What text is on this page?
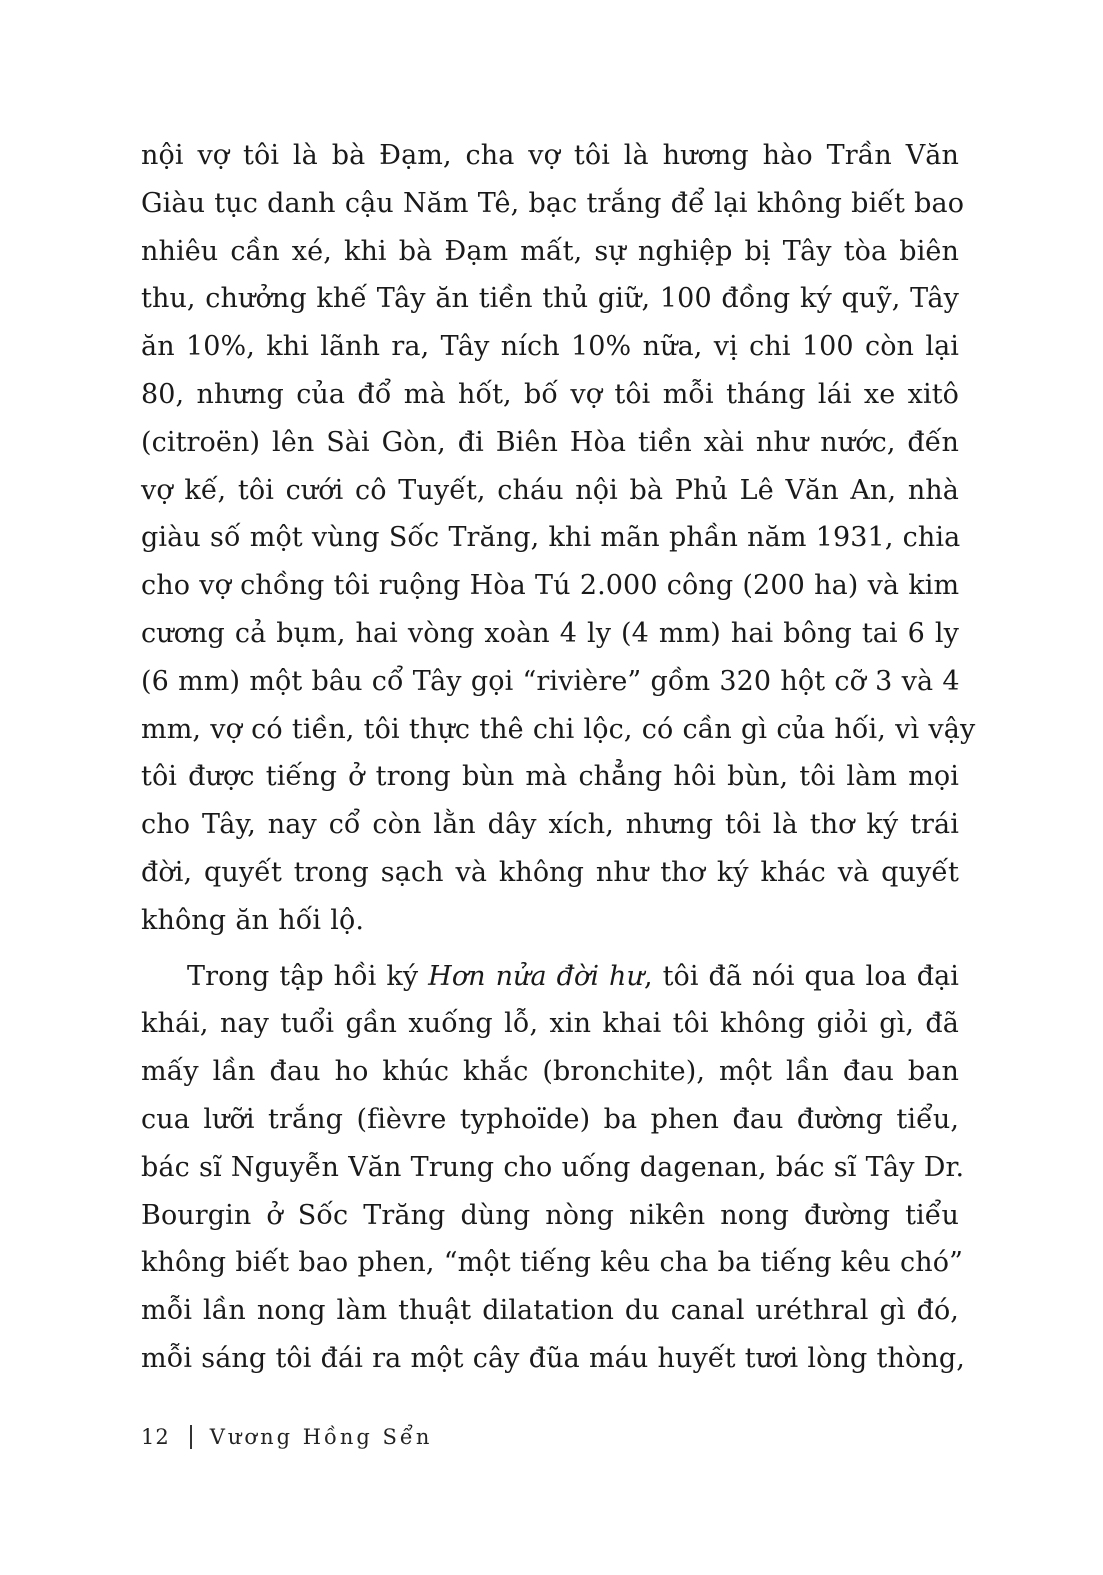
nội vợ tôi là bà Đạm, cha vợ tôi là hương hào Trần Văn
Giàu tục danh cậu Năm Tê, bạc trắng để lại không biết bao
nhiêu cần xé, khi bà Đạm mất, sự nghiệp bị Tây tòa biên
thu, chưởng khế Tây ăn tiền thủ giữ, 100 đồng ký quỹ, Tây
ăn 10%, khi lãnh ra, Tây ních 10% nữa, vị chi 100 còn lại
80, nhưng của đổ mà hốt, bố vợ tôi mỗi tháng lái xe xitô
(citroën) lên Sài Gòn, đi Biên Hòa tiền xài như nước, đến
vợ kế, tôi cưới cô Tuyết, cháu nội bà Phủ Lê Văn An, nhà
giàu số một vùng Sốc Trăng, khi mãn phần năm 1931, chia
cho vợ chồng tôi ruộng Hòa Tú 2.000 công (200 ha) và kim
cương cả bụm, hai vòng xoàn 4 ly (4 mm) hai bông tai 6 ly
(6 mm) một bâu cổ Tây gọi “rivière” gồm 320 hột cỡ 3 và 4
mm, vợ có tiền, tôi thực thê chi lộc, có cần gì của hối, vì vậy
tôi được tiếng ở trong bùn mà chẳng hôi bùn, tôi làm mọi
cho Tây, nay cổ còn lằn dây xích, nhưng tôi là thơ ký trái
đời, quyết trong sạch và không như thơ ký khác và quyết
không ăn hối lộ.
Trong tập hồi ký Hơn nửa đời hư, tôi đã nói qua loa đại
khái, nay tuổi gần xuống lỗ, xin khai tôi không giỏi gì, đã
mấy lần đau ho khúc khắc (bronchite), một lần đau ban
cua lưỡi trắng (fièvre typhoïde) ba phen đau đường tiểu,
bác sĩ Nguyễn Văn Trung cho uống dagenan, bác sĩ Tây Dr.
Bourgin ở Sốc Trăng dùng nòng nikên nong đường tiểu
không biết bao phen, “một tiếng kêu cha ba tiếng kêu chó”
mỗi lần nong làm thuật dilatation du canal uréthral gì đó,
mỗi sáng tôi đái ra một cây đũa máu huyết tươi lòng thòng,
12 Vương Hồng Sển
